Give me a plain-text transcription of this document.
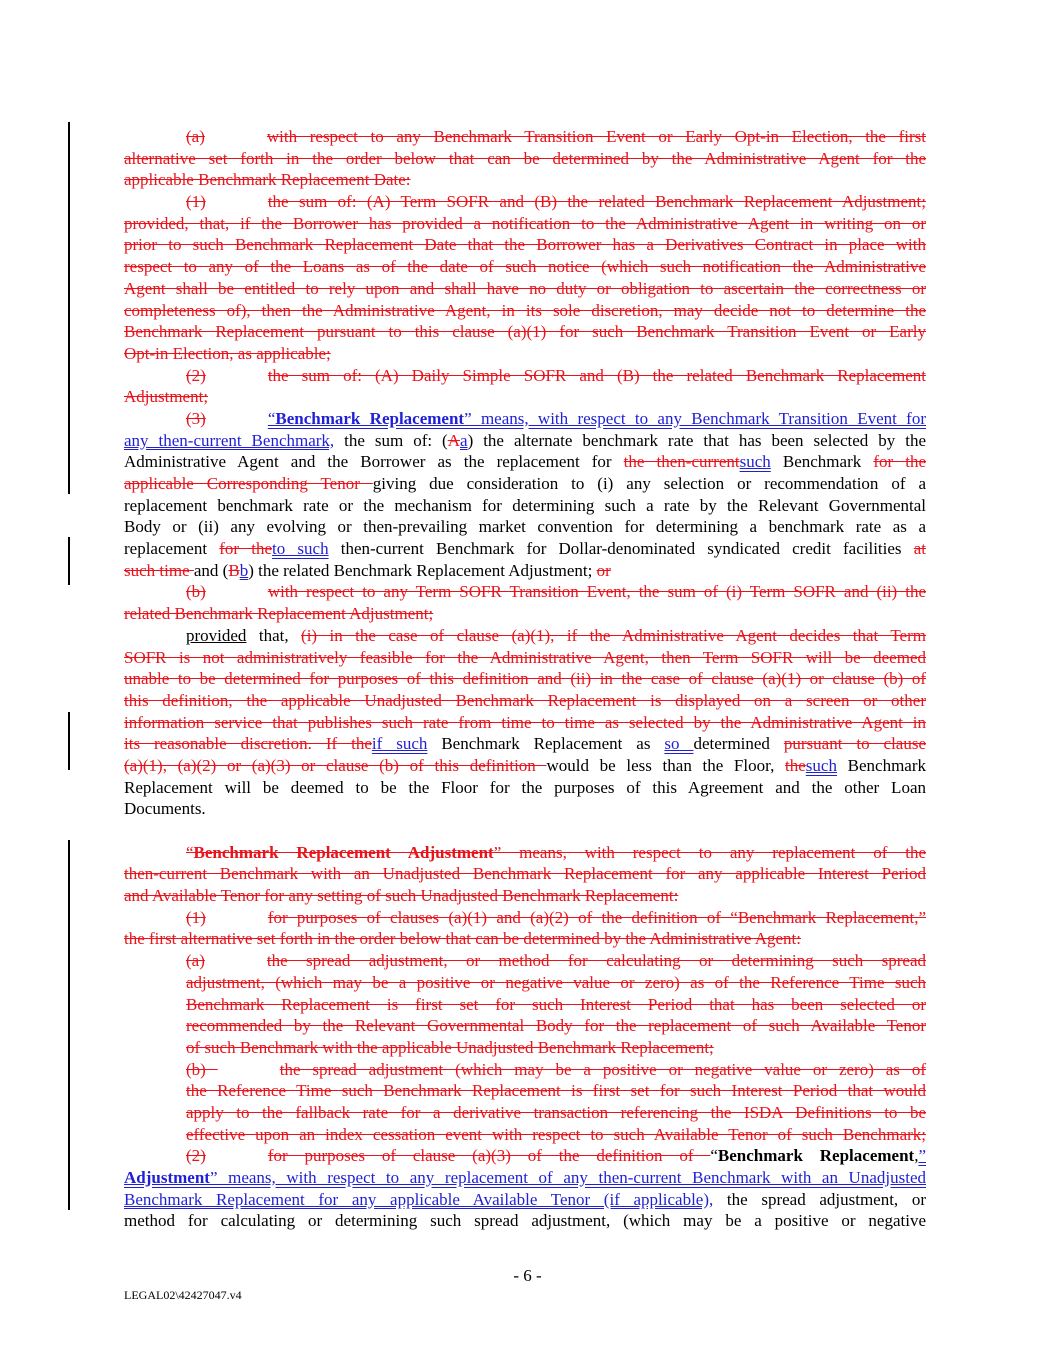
(a)	with respect to any Benchmark Transition Event or Early Opt-in Election, the first
alternative set forth in the order below that can be determined by the Administrative Agent for the
applicable Benchmark Replacement Date:
(1)	the sum of: (A) Term SOFR and (B) the related Benchmark Replacement Adjustment;
provided, that, if the Borrower has provided a notification to the Administrative Agent in writing on or
prior to such Benchmark Replacement Date that the Borrower has a Derivatives Contract in place with
respect to any of the Loans as of the date of such notice (which such notification the Administrative
Agent shall be entitled to rely upon and shall have no duty or obligation to ascertain the correctness or
completeness of), then the Administrative Agent, in its sole discretion, may decide not to determine the
Benchmark Replacement pursuant to this clause (a)(1) for such Benchmark Transition Event or Early
Opt-in Election, as applicable;
(2)	the sum of: (A) Daily Simple SOFR and (B) the related Benchmark Replacement
Adjustment;
(3)	“Benchmark Replacement” means, with respect to any Benchmark Transition Event for
any then-current Benchmark, the sum of: (Aa) the alternate benchmark rate that has been selected by the
Administrative Agent and the Borrower as the replacement for the then-currentsuch Benchmark for the
applicable Corresponding Tenor giving due consideration to (i) any selection or recommendation of a
replacement benchmark rate or the mechanism for determining such a rate by the Relevant Governmental
Body or (ii) any evolving or then-prevailing market convention for determining a benchmark rate as a
replacement for theto such then-current Benchmark for Dollar-denominated syndicated credit facilities at
such time and (Bb) the related Benchmark Replacement Adjustment; or
(b)	with respect to any Term SOFR Transition Event, the sum of (i) Term SOFR and (ii) the
related Benchmark Replacement Adjustment;
provided that, (i) in the case of clause (a)(1), if the Administrative Agent decides that Term
SOFR is not administratively feasible for the Administrative Agent, then Term SOFR will be deemed
unable to be determined for purposes of this definition and (ii) in the case of clause (a)(1) or clause (b) of
this definition, the applicable Unadjusted Benchmark Replacement is displayed on a screen or other
information service that publishes such rate from time to time as selected by the Administrative Agent in
its reasonable discretion. If theif such Benchmark Replacement as so determined pursuant to clause
(a)(1), (a)(2) or (a)(3) or clause (b) of this definition would be less than the Floor, thesuch Benchmark
Replacement will be deemed to be the Floor for the purposes of this Agreement and the other Loan
Documents.
“Benchmark Replacement Adjustment” means, with respect to any replacement of the
then-current Benchmark with an Unadjusted Benchmark Replacement for any applicable Interest Period
and Available Tenor for any setting of such Unadjusted Benchmark Replacement:
(1)	for purposes of clauses (a)(1) and (a)(2) of the definition of “Benchmark Replacement,”
the first alternative set forth in the order below that can be determined by the Administrative Agent:
(a)	the spread adjustment, or method for calculating or determining such spread
adjustment, (which may be a positive or negative value or zero) as of the Reference Time such
Benchmark Replacement is first set for such Interest Period that has been selected or
recommended by the Relevant Governmental Body for the replacement of such Available Tenor
of such Benchmark with the applicable Unadjusted Benchmark Replacement;
(b)	the spread adjustment (which may be a positive or negative value or zero) as of
the Reference Time such Benchmark Replacement is first set for such Interest Period that would
apply to the fallback rate for a derivative transaction referencing the ISDA Definitions to be
effective upon an index cessation event with respect to such Available Tenor of such Benchmark;
(2)	for purposes of clause (a)(3) of the definition of “Benchmark Replacement,”
Adjustment” means, with respect to any replacement of any then-current Benchmark with an Unadjusted
Benchmark Replacement for any applicable Available Tenor (if applicable), the spread adjustment, or
method for calculating or determining such spread adjustment, (which may be a positive or negative
- 6 -
LEGAL02\42427047.v4
